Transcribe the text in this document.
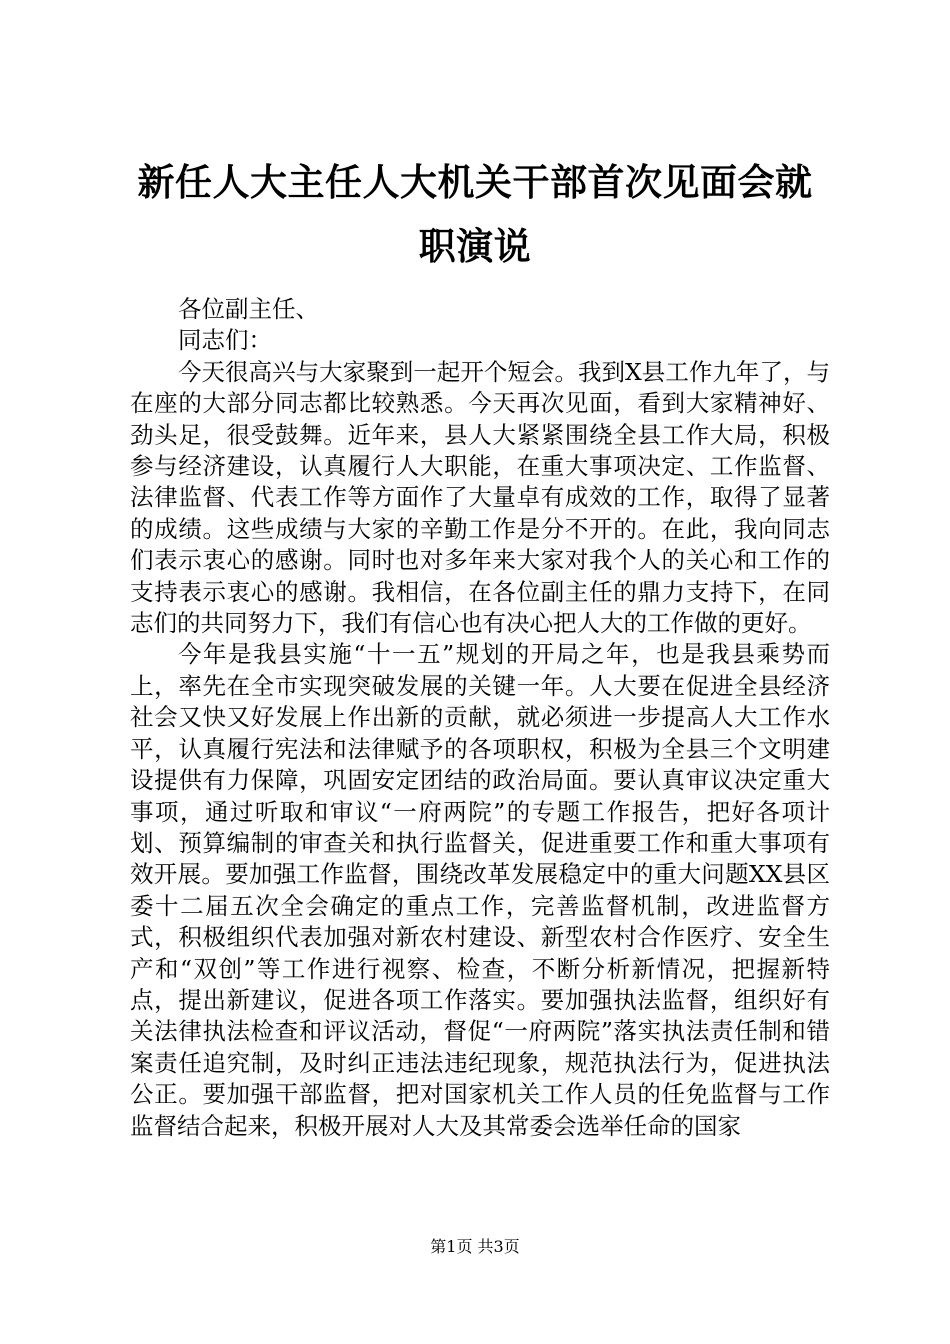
新任人大主任人大机关干部首次见面会就职演说

各位副主任、

同志们：

今天很高兴与大家聚到一起开个短会。我到X县工作九年了，与在座的大部分同志都比较熟悉。今天再次见面，看到大家精神好、劲头足，很受鼓舞。近年来，县人大紧紧围绕全县工作大局，积极参与经济建设，认真履行人大职能，在重大事项决定、工作监督、法律监督、代表工作等方面作了大量卓有成效的工作，取得了显著的成绩。这些成绩与大家的辛勤工作是分不开的。在此，我向同志们表示衷心的感谢。同时也对多年来大家对我个人的关心和工作的支持表示衷心的感谢。我相信，在各位副主任的鼎力支持下，在同志们的共同努力下，我们有信心也有决心把人大的工作做的更好。

今年是我县实施“十一五”规划的开局之年，也是我县乘势而上，率先在全市实现突破发展的关键一年。人大要在促进全县经济社会又快又好发展上作出新的贡献，就必须进一步提高人大工作水平，认真履行宪法和法律赋予的各项职权，积极为全县三个文明建设提供有力保障，巩固安定团结的政治局面。要认真审议决定重大事项，通过听取和审议“一府两院”的专题工作报告，把好各项计划、预算编制的审查关和执行监督关，促进重要工作和重大事项有效开展。要加强工作监督，围绕改革发展稳定中的重大问题XX县区委十二届五次全会确定的重点工作，完善监督机制，改进监督方式，积极组织代表加强对新农村建设、新型农村合作医疗、安全生产和“双创”等工作进行视察、检查，不断分析新情况，把握新特点，提出新建议，促进各项工作落实。要加强执法监督，组织好有关法律执法检查和评议活动，督促“一府两院”落实执法责任制和错案责任追究制，及时纠正违法违纪现象，规范执法行为，促进执法公正。要加强干部监督，把对国家机关工作人员的任免监督与工作监督结合起来，积极开展对人大及其常委会选举任命的国家

第1页 共3页
